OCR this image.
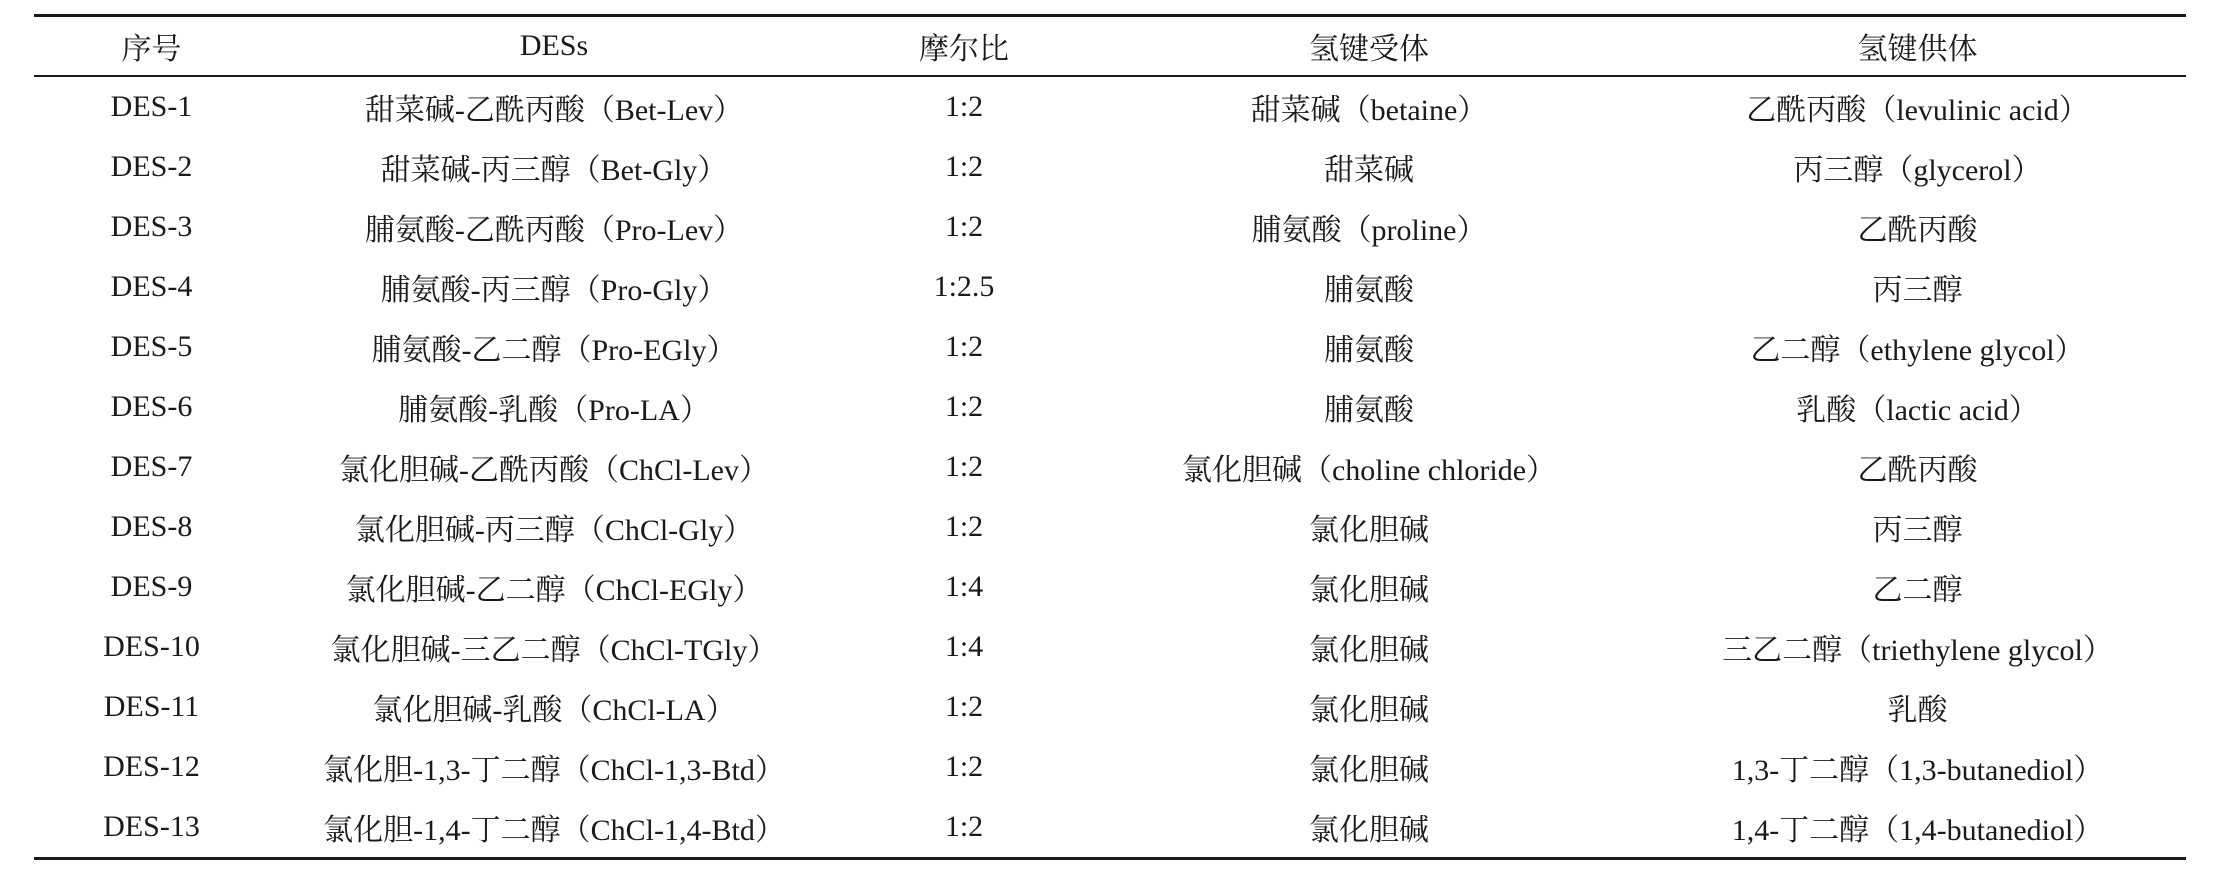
序号	DESs	摩尔比	氢键受体	氢键供体
DES-1	甜菜碱-乙酰丙酸（Bet-Lev）	1:2	甜菜碱（betaine）	乙酰丙酸（levulinic acid）
DES-2	甜菜碱-丙三醇（Bet-Gly）	1:2	甜菜碱	丙三醇（glycerol）
DES-3	脯氨酸-乙酰丙酸（Pro-Lev）	1:2	脯氨酸（proline）	乙酰丙酸
DES-4	脯氨酸-丙三醇（Pro-Gly）	1:2.5	脯氨酸	丙三醇
DES-5	脯氨酸-乙二醇（Pro-EGly）	1:2	脯氨酸	乙二醇（ethylene glycol）
DES-6	脯氨酸-乳酸（Pro-LA）	1:2	脯氨酸	乳酸（lactic acid）
DES-7	氯化胆碱-乙酰丙酸（ChCl-Lev）	1:2	氯化胆碱（choline chloride）	乙酰丙酸
DES-8	氯化胆碱-丙三醇（ChCl-Gly）	1:2	氯化胆碱	丙三醇
DES-9	氯化胆碱-乙二醇（ChCl-EGly）	1:4	氯化胆碱	乙二醇
DES-10	氯化胆碱-三乙二醇（ChCl-TGly）	1:4	氯化胆碱	三乙二醇（triethylene glycol）
DES-11	氯化胆碱-乳酸（ChCl-LA）	1:2	氯化胆碱	乳酸
DES-12	氯化胆-1,3-丁二醇（ChCl-1,3-Btd）	1:2	氯化胆碱	1,3-丁二醇（1,3-butanediol）
DES-13	氯化胆-1,4-丁二醇（ChCl-1,4-Btd）	1:2	氯化胆碱	1,4-丁二醇（1,4-butanediol）
